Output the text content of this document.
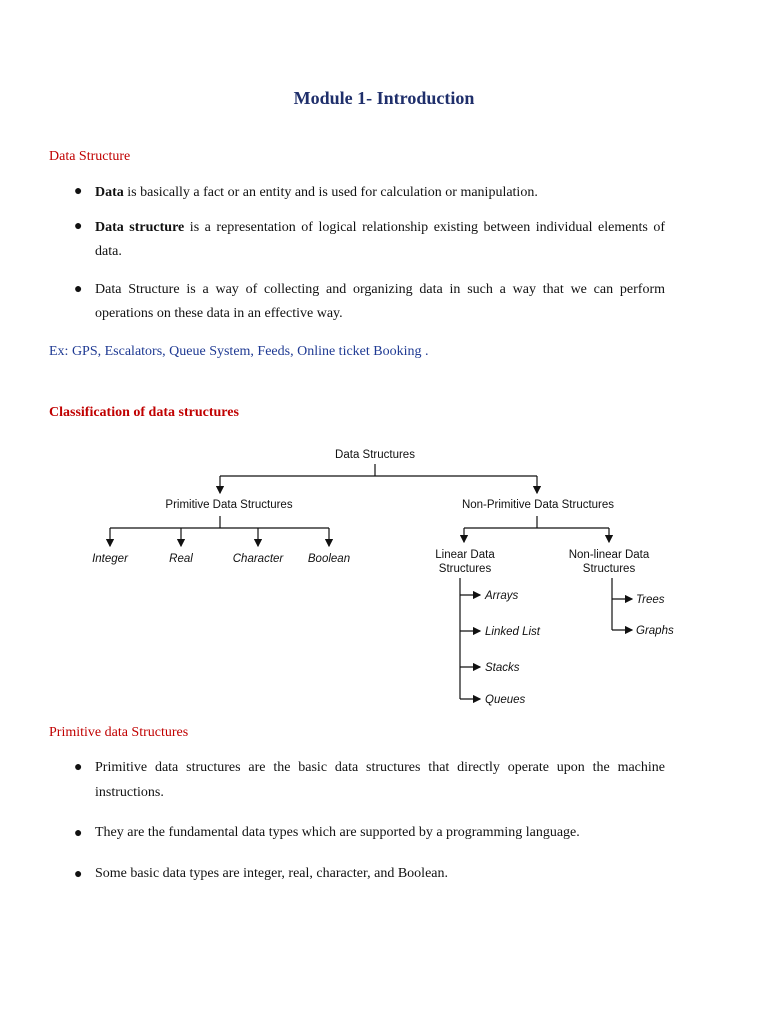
Module 1- Introduction
Data Structure
● Data is basically a fact or an entity and is used for calculation or manipulation.
● Data structure is a representation of logical relationship existing between individual elements of data.
● Data Structure is a way of collecting and organizing data in such a way that we can perform operations on these data in an effective way.
Ex: GPS, Escalators, Queue System, Feeds, Online ticket Booking .
Classification of data structures
Data Structures
Primitive Data Structures	Non-Primitive Data Structures
Integer	Real	Character Boolean	Linear Data
Structures
Non-linear Data
Structures
Arrays
Linked List
Stacks
Queues
Trees
Graphs
Primitive data Structures
● Primitive data structures are the basic data structures that directly operate upon the machine instructions.
● They are the fundamental data types which are supported by a programming language.
● Some basic data types are integer, real, character, and Boolean.
